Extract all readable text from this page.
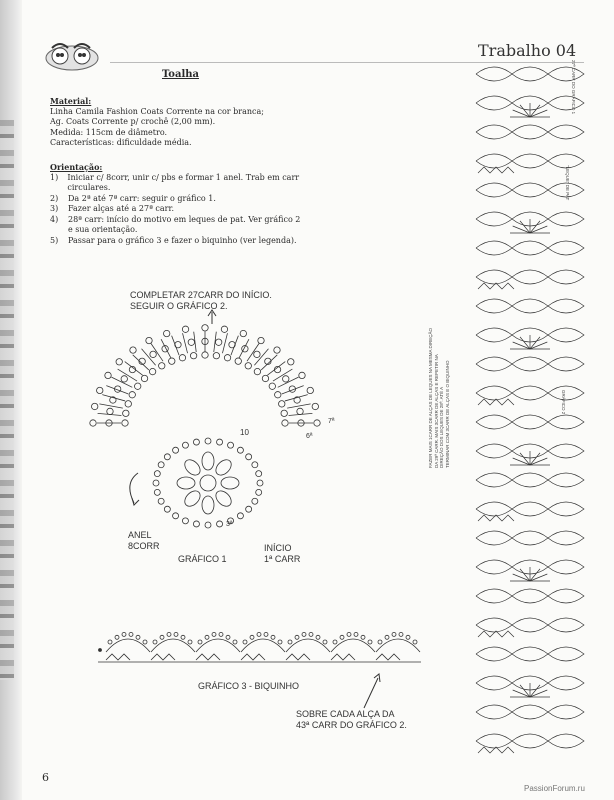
Trabalho 04
Toalha
Material:
Linha Camila Fashion Coats Corrente na cor branca;
Ag. Coats Corrente p/ crochê (2,00 mm).
Medida: 115cm de diâmetro.
Características: dificuldade média.
Orientação:
1)	Iniciar c/ 8corr, unir c/ pbs e formar 1 anel. Trab em carr circulares.
2)	Da 2ª até 7ª carr: seguir o gráfico 1.
3)	Fazer alças até a 27ª carr.
4)	28ª carr: início do motivo em leques de pat. Ver gráfico 2
e sua orientação.
5)	Passar para o gráfico 3 e fazer o biquinho (ver legenda).
COMPLETAR 27CARR DO INÍCIO.
SEGUIR O GRÁFICO 2.
10
7ª
6ª
3ª
ANEL
8CORR	INÍCIO
1ª CARR
GRÁFICO 1
GRÁFICO 3 - BIQUINHO
SOBRE CADA ALÇA DA
43ª CARR DO GRÁFICO 2.
FAZER MAIS 1CARR DE ALÇAS DE LEQUES NA MESMA DIREÇÃO DA 29ª CARR. MAIS 3CARR DE ALÇAS E REPETIR NA DIREÇÃO DOS LEQUES DE 28ª. ATÉ A TERMINAR COM 3CARR DE ALÇAS E O BIQUINHO	GRÁFICO 2
27ª CARR DO GRÁFICO 1
"LEQUE" DE PAT
6
PassionForum.ru
